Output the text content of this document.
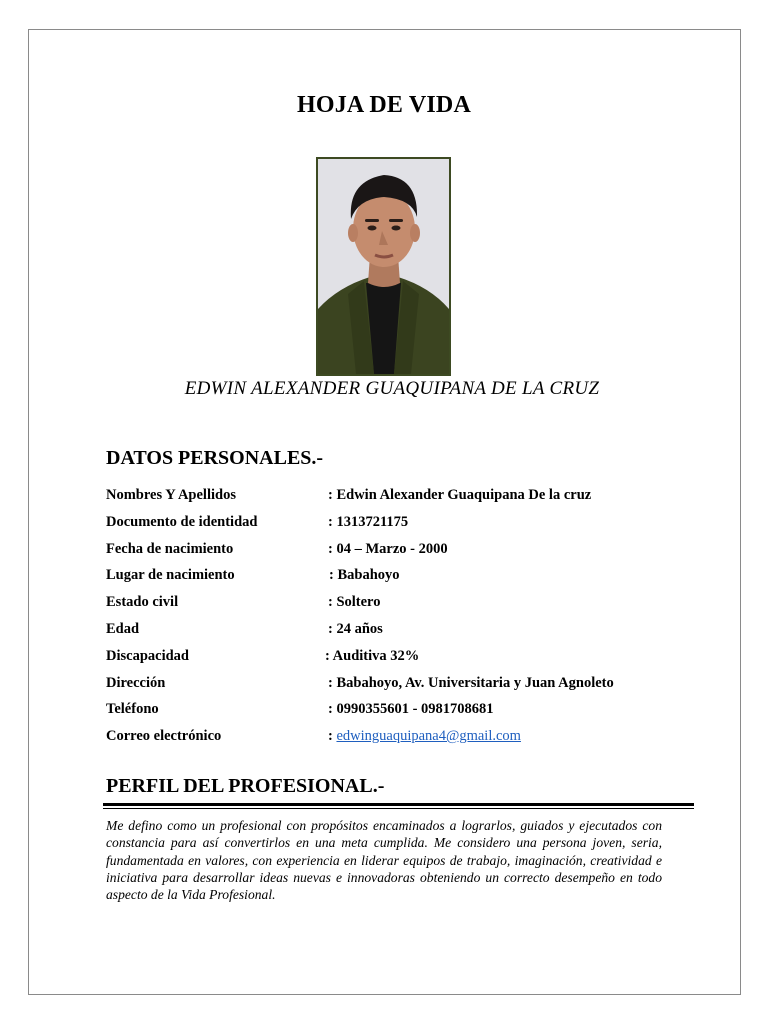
HOJA DE VIDA
EDWIN ALEXANDER GUAQUIPANA DE LA CRUZ
DATOS PERSONALES.-
Nombres Y Apellidos	: Edwin Alexander Guaquipana De la cruz
Documento de identidad	: 1313721175
Fecha de nacimiento	: 04 – Marzo - 2000
Lugar de nacimiento	: Babahoyo
Estado civil	: Soltero
Edad	: 24 años
Discapacidad	: Auditiva 32%
Dirección	: Babahoyo, Av. Universitaria y Juan Agnoleto
Teléfono	: 0990355601 - 0981708681
Correo electrónico	: edwinguaquipana4@gmail.com
PERFIL DEL PROFESIONAL.-
Me defino como un profesional con propósitos encaminados a lograrlos, guiados y ejecutados con constancia para así convertirlos en una meta cumplida. Me considero una persona joven, seria, fundamentada en valores, con experiencia en liderar equipos de trabajo, imaginación, creatividad e iniciativa para desarrollar ideas nuevas e innovadoras obteniendo un correcto desempeño en todo aspecto de la Vida Profesional.
